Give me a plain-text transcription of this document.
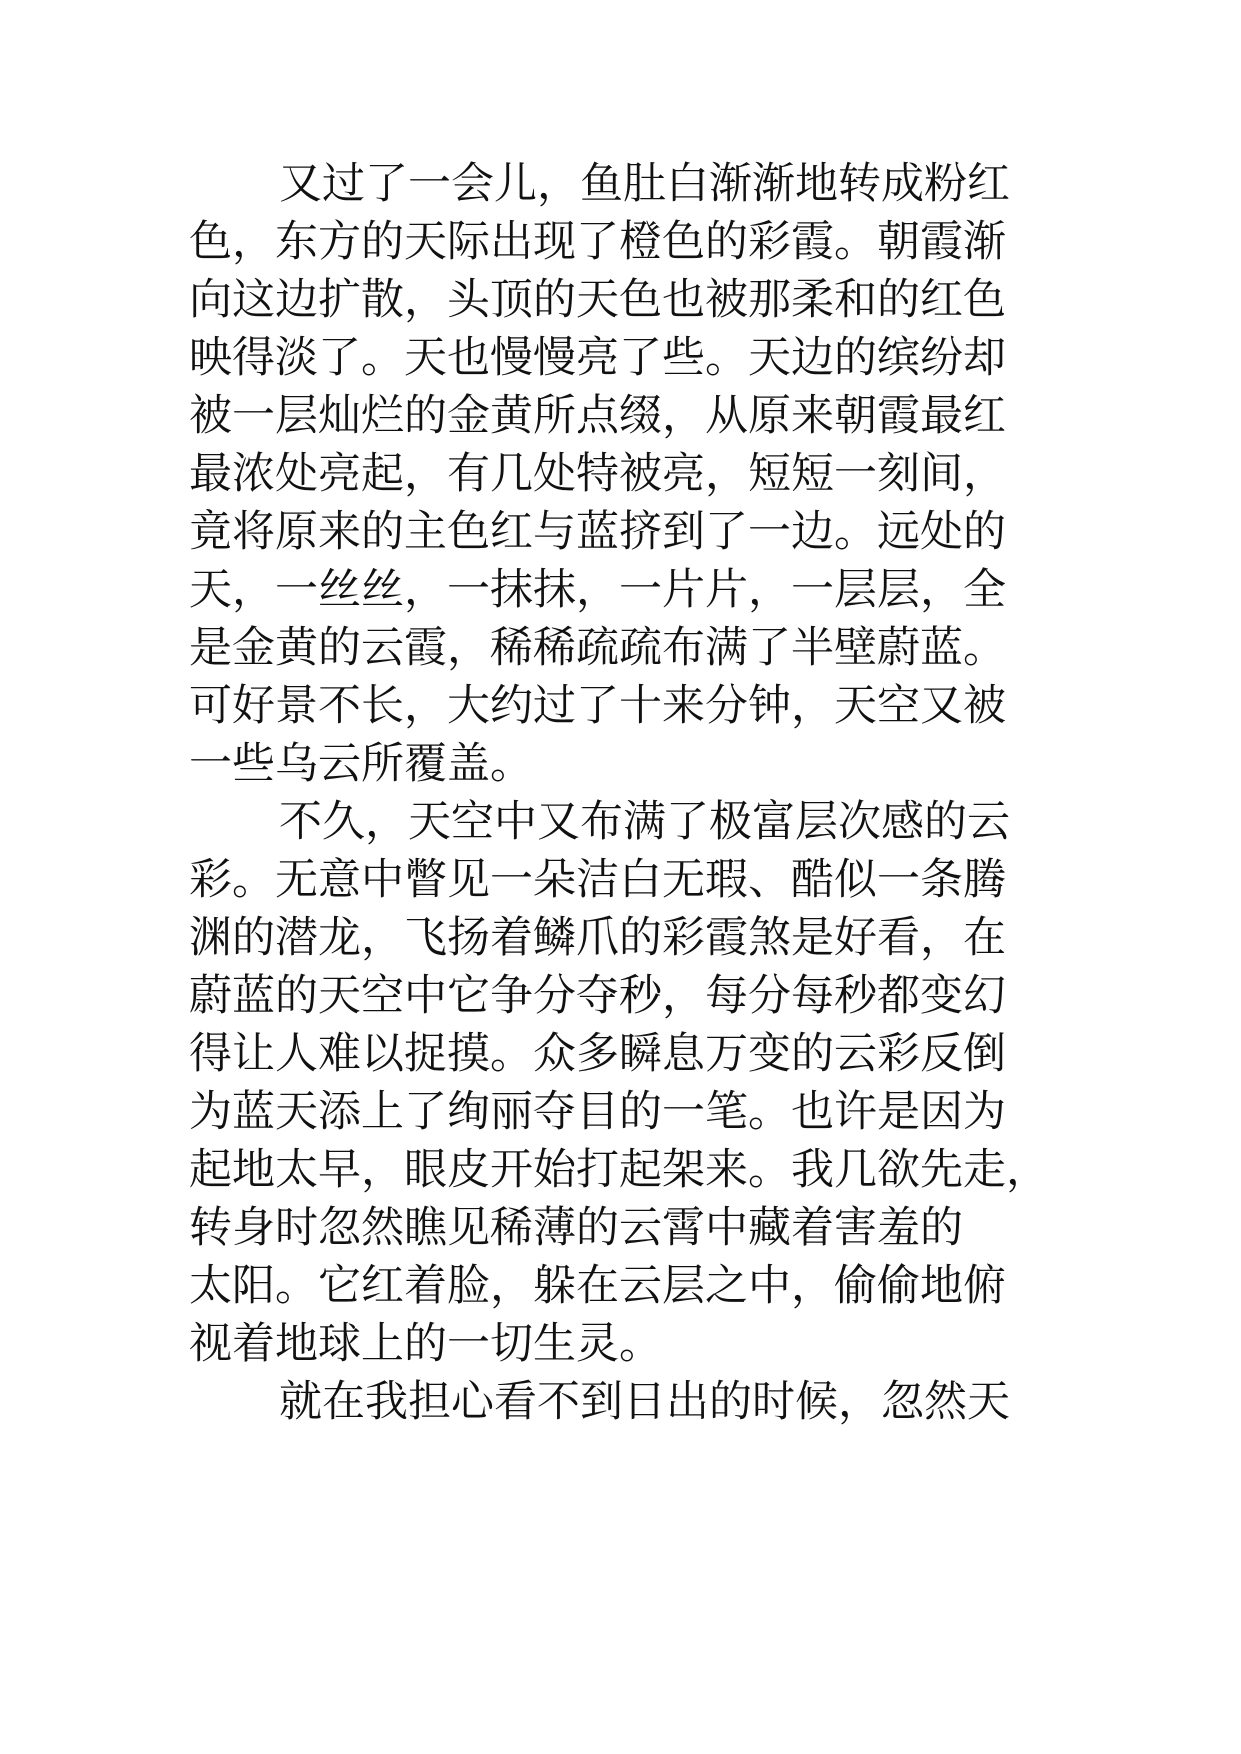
又过了一会儿，鱼肚白渐渐地转成粉红
色，东方的天际出现了橙色的彩霞。朝霞渐
向这边扩散，头顶的天色也被那柔和的红色
映得淡了。天也慢慢亮了些。天边的缤纷却
被一层灿烂的金黄所点缀，从原来朝霞最红
最浓处亮起，有几处特被亮，短短一刻间，
竟将原来的主色红与蓝挤到了一边。远处的
天，一丝丝，一抹抹，一片片，一层层，全
是金黄的云霞，稀稀疏疏布满了半壁蔚蓝。
可好景不长，大约过了十来分钟，天空又被
一些乌云所覆盖。
不久，天空中又布满了极富层次感的云
彩。无意中瞥见一朵洁白无瑕、酷似一条腾
渊的潜龙，飞扬着鳞爪的彩霞煞是好看，在
蔚蓝的天空中它争分夺秒，每分每秒都变幻
得让人难以捉摸。众多瞬息万变的云彩反倒
为蓝天添上了绚丽夺目的一笔。也许是因为
起地太早，眼皮开始打起架来。我几欲先走，
转身时忽然瞧见稀薄的云霄中藏着害羞的
太阳。它红着脸，躲在云层之中，偷偷地俯
视着地球上的一切生灵。
就在我担心看不到日出的时候，忽然天
